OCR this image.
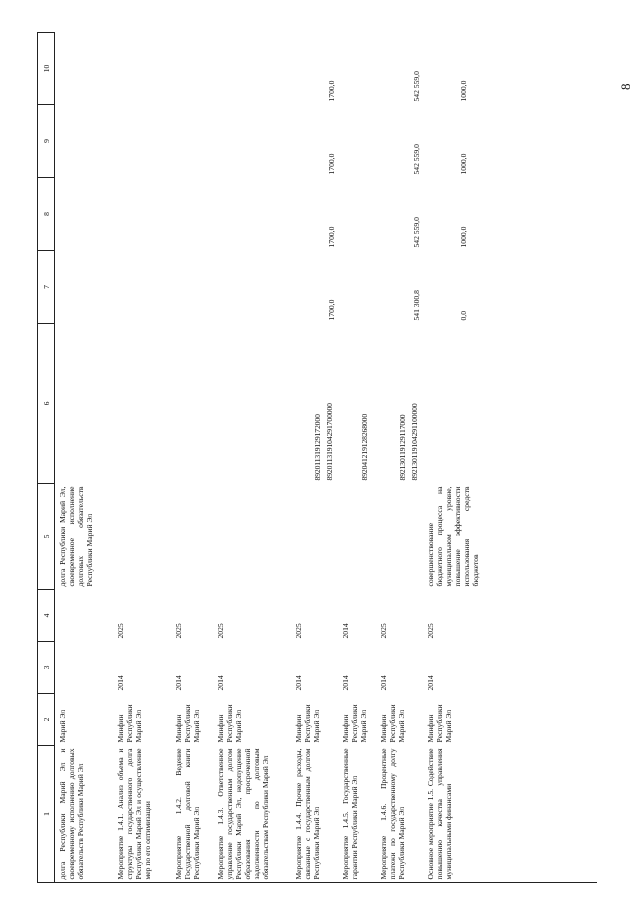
8
1	2	3	4	5	6	7	8	9	10
долга Республики Марий Эл и своевременному исполнению долговых обязательств Республики Марий Эл	Марий Эл			долга Республики Марий Эл, своевременное исполнение долговых обязательств Республики Марий Эл	

Мероприятие 1.4.1. Анализ объема и структуры государственного долга Республики Марий Эл и осуществление мер по его оптимизации	Минфин Республики Марий Эл	2014	2025		

Мероприятие 1.4.2. Ведение Государственной долговой книги Республики Марий Эл	Минфин Республики Марий Эл	2014	2025		

Мероприятие 1.4.3. Ответственное управление государственным долгом Республики Марий Эл, недопущение образования просроченной задолженности по долговым обязательствам Республики Марий Эл	Минфин Республики Марий Эл	2014	2025		

Мероприятие 1.4.4. Прочие расходы, связанные с государственным долгом Республики Марий Эл	Минфин Республики Марий Эл	2014	2025		892011319129172000 892011319104291700000	1700,0	1700,0	1700,0	1700,0
Мероприятие 1.4.5. Государственные гарантии Республики Марий Эл	Минфин Республики Марий Эл	2014	2014		892041219128268000				

Мероприятие 1.4.6. Процентные платежи по государственному долгу Республики Марий Эл	Минфин Республики Марий Эл	2014	2025		892130119129117000 892130119104291100000	541 300,8	542 559,0	542 559,0	542 559,0
Основное мероприятие 1.5. Содействие повышению качества управления муниципальными финансами	Минфин Республики Марий Эл	2014	2025	совершенствование бюджетного процесса на муниципальном уровне, повышение эффективности использования средств бюджетов		0,0	1000,0	1000,0	1000,0
